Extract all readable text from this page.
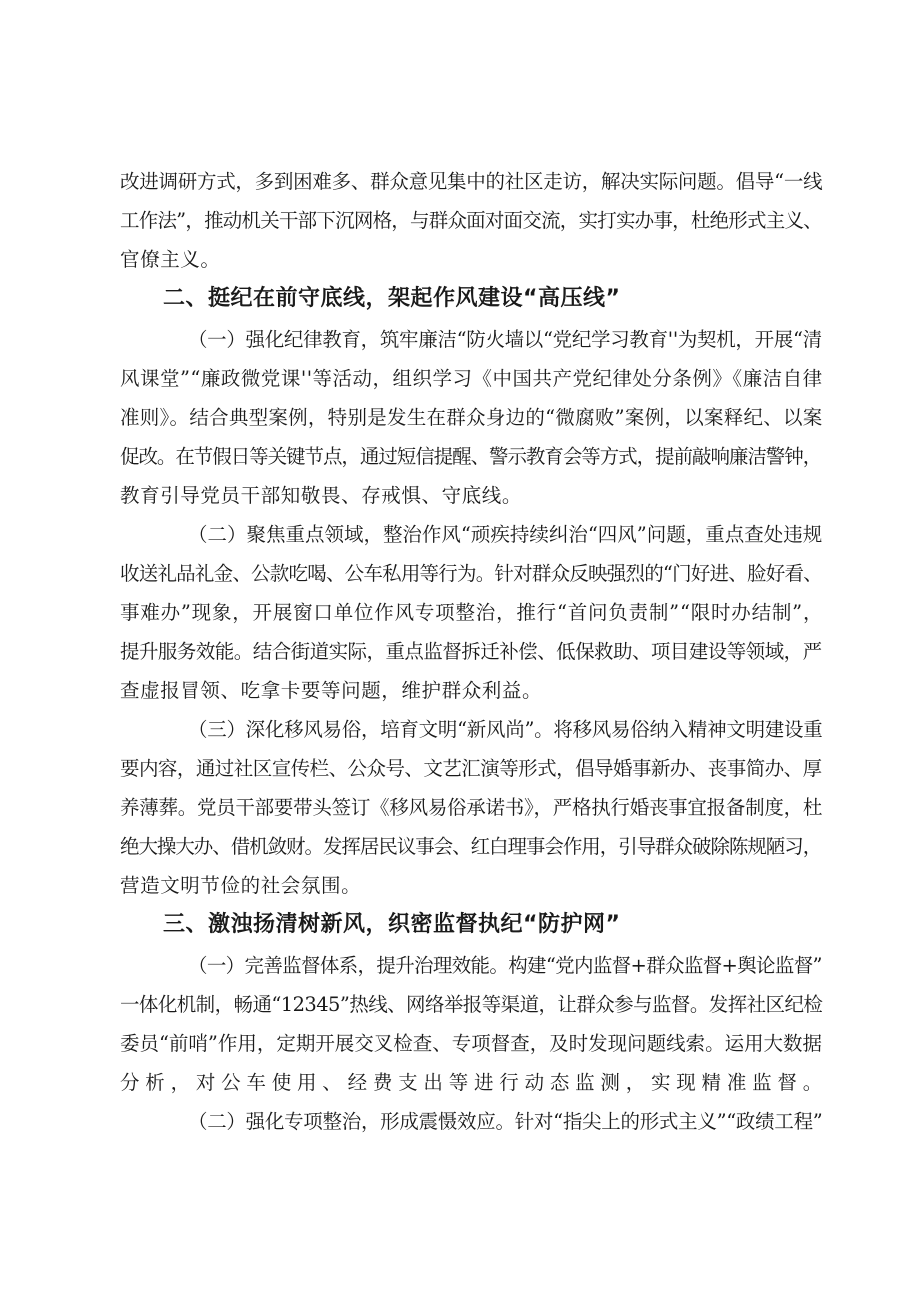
改进调研方式，多到困难多、群众意见集中的社区走访，解决实际问题。倡导“一线
工作法”，推动机关干部下沉网格，与群众面对面交流，实打实办事，杜绝形式主义、
官僚主义。
二、挺纪在前守底线，架起作风建设“高压线”
（一）强化纪律教育，筑牢廉洁“防火墙以“党纪学习教育''为契机，开展“清
风课堂”“廉政微党课''等活动，组织学习《中国共产党纪律处分条例》《廉洁自律
准则》。结合典型案例，特别是发生在群众身边的“微腐败”案例，以案释纪、以案
促改。在节假日等关键节点，通过短信提醒、警示教育会等方式，提前敲响廉洁警钟，
教育引导党员干部知敬畏、存戒惧、守底线。
（二）聚焦重点领域，整治作风“顽疾持续纠治“四风”问题，重点查处违规
收送礼品礼金、公款吃喝、公车私用等行为。针对群众反映强烈的“门好进、脸好看、
事难办”现象，开展窗口单位作风专项整治，推行“首问负责制”“限时办结制”，
提升服务效能。结合街道实际，重点监督拆迁补偿、低保救助、项目建设等领域，严
查虚报冒领、吃拿卡要等问题，维护群众利益。
（三）深化移风易俗，培育文明“新风尚”。将移风易俗纳入精神文明建设重
要内容，通过社区宣传栏、公众号、文艺汇演等形式，倡导婚事新办、丧事简办、厚
养薄葬。党员干部要带头签订《移风易俗承诺书》，严格执行婚丧事宜报备制度，杜
绝大操大办、借机敛财。发挥居民议事会、红白理事会作用，引导群众破除陈规陋习，
营造文明节俭的社会氛围。
三、激浊扬清树新风，织密监督执纪“防护网”
（一）完善监督体系，提升治理效能。构建“党内监督+群众监督+舆论监督”
一体化机制，畅通“12345”热线、网络举报等渠道，让群众参与监督。发挥社区纪检
委员“前哨”作用，定期开展交叉检查、专项督查，及时发现问题线索。运用大数据
分析，对公车使用、经费支出等进行动态监测，实现精准监督。
（二）强化专项整治，形成震慑效应。针对“指尖上的形式主义”“政绩工程”
